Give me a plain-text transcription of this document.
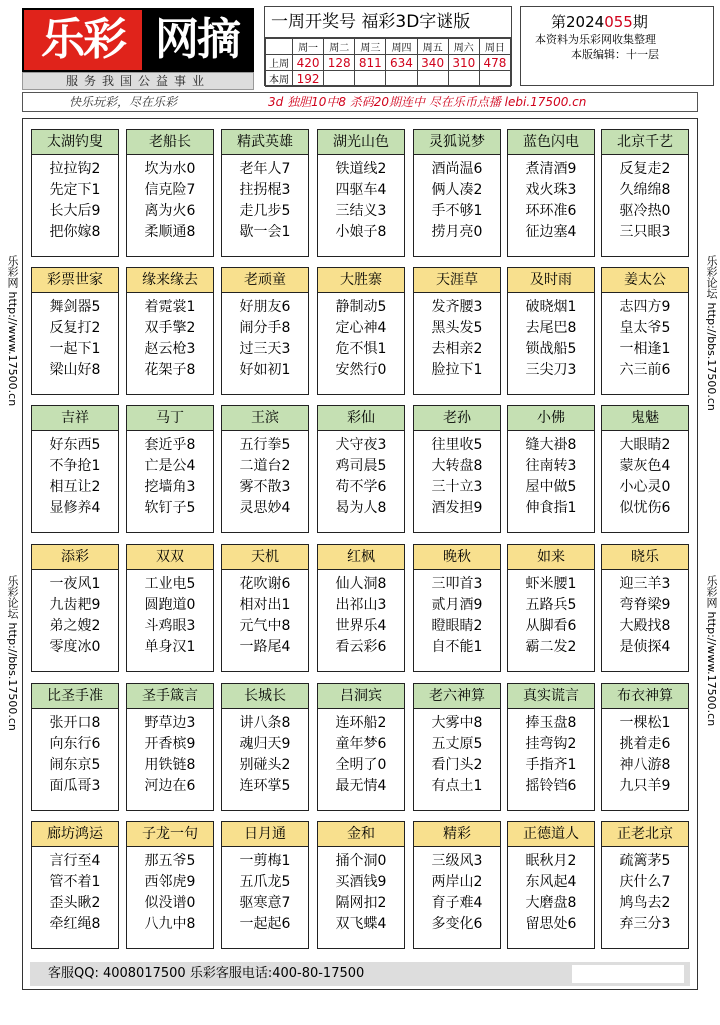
乐彩 网摘
服务我国公益事业
一周开奖号 福彩3D字谜版
	周一	周二	周三	周四	周五	周六	周日
上周	420	128	811	634	340	310	478
本周	192						
第2024055期
本资料为乐彩网收集整理
本版编辑：十一层
快乐玩彩，尽在乐彩	3d 独胆10中8 杀码20期连中 尽在乐币点播 lebi.17500.cn
乐彩网 http://www.17500.cn
乐彩论坛 http://bbs.17500.cn
乐彩论坛 http://bbs.17500.cn
乐彩网 http://www.17500.cn
太湖钓叟
拉拉钩2
先定下1
长大后9
把你嫁8
老船长
坎为水0
信克险7
离为火6
柔顺通8
精武英雄
老年人7
拄拐棍3
走几步5
歇一会1
湖光山色
铁道线2
四驱车4
三结义3
小娘子8
灵狐说梦
酒尚温6
俩人凑2
手不够1
捞月亮0
蓝色闪电
煮清酒9
戏火珠3
环环准6
征边塞4
北京千艺
反复走2
久绵绵8
驱冷热0
三只眼3
彩票世家
舞剑器5
反复打2
一起下1
梁山好8
缘来缘去
着霓裳1
双手擎2
赵云枪3
花架子8
老顽童
好朋友6
闹分手8
过三天3
好如初1
大胜寨
静制动5
定心神4
危不惧1
安然行0
天涯草
发齐腰3
黑头发5
去相亲2
脸拉下1
及时雨
破晓烟1
去尾巴8
锁战船5
三尖刀3
姜太公
志四方9
皇太爷5
一相逢1
六三前6
吉祥
好东西5
不争抢1
相互让2
显修养4
马丁
套近乎8
亡是公4
挖墙角3
软钉子5
王滨
五行拳5
二道台2
雾不散3
灵思妙4
彩仙
犬守夜3
鸡司晨5
苟不学6
曷为人8
老孙
往里收5
大转盘8
三十立3
酒发担9
小佛
缝大褂8
往南转3
屋中做5
伸食指1
鬼魅
大眼睛2
蒙灰色4
小心灵0
似忧伤6
添彩
一夜风1
九齿耙9
弟之嫂2
零度冰0
双双
工业电5
圆跑道0
斗鸡眼3
单身汉1
天机
花吹谢6
相对出1
元气中8
一路尾4
红枫
仙人洞8
出祁山3
世界乐4
看云彩6
晚秋
三叩首3
贰月酒9
瞪眼睛2
自不能1
如来
虾米腰1
五路兵5
从脚看6
霸二发2
晓乐
迎三羊3
弯脊梁9
大殿找8
是侦探4
比圣手准
张开口8
向东行6
闹东京5
面瓜哥3
圣手箴言
野草边3
开香槟9
用铁链8
河边在6
长城长
讲八条8
魂归天9
别碰头2
连环掌5
吕洞宾
连环船2
童年梦6
全明了0
最无情4
老六神算
大雾中8
五丈原5
看门头2
有点土1
真实谎言
捧玉盘8
挂弯钩2
手指齐1
摇铃铛6
布衣神算
一棵松1
挑着走6
神八游8
九只羊9
廊坊鸿运
言行至4
管不着1
歪头瞅2
牵红绳8
子龙一句
那五爷5
西邻虎9
似没谱0
八九中8
日月通
一剪梅1
五爪龙5
驱寒意7
一起起6
金和
捅个洞0
买酒钱9
隔网扣2
双飞蝶4
精彩
三级风3
两岸山2
育子难4
多变化6
正德道人
眠秋月2
东风起4
大磨盘8
留思处6
正老北京
疏篱茅5
庆什么7
鸠鸟去2
弃三分3
客服QQ: 4008017500 乐彩客服电话:400-80-17500
